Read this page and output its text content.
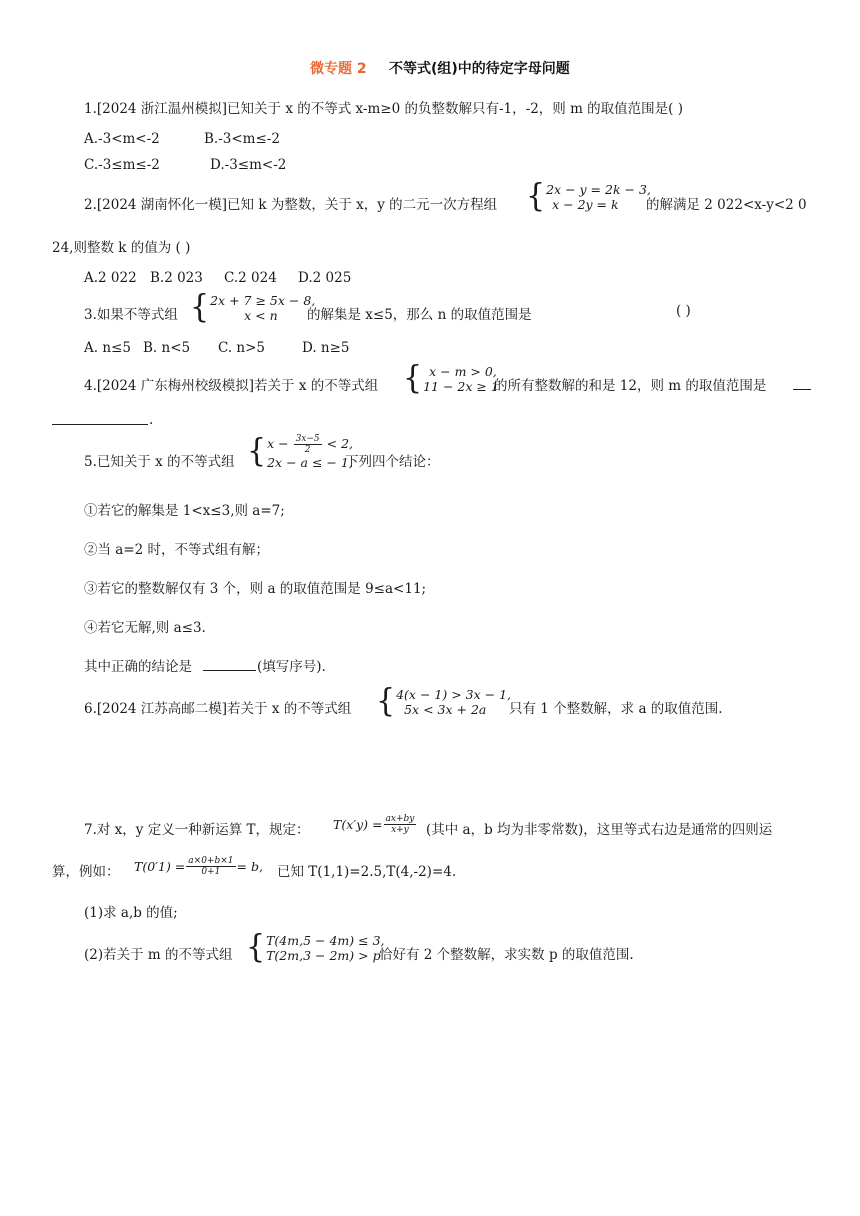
微专题 2 不等式(组)中的待定字母问题
1.[2024 浙江温州模拟]已知关于 x 的不等式 x-m≥0 的负整数解只有-1，-2，则 m 的取值范围是( )
A.-3<m<-2	B.-3<m≤-2
C.-3≤m≤-2	D.-3≤m<-2
2.[2024 湖南怀化一模]已知 k 为整数，关于 x，y 的二元一次方程组 { 2x − y = 2k − 3,
x − 2y = k	的解满足 2 022<x-y<2 0
24,则整数 k 的值为 ( )
A.2 022 B.2 023 C.2 024 D.2 025
3.如果不等式组 { 2x + 7 ≥ 5x − 8,
x < n	的解集是 x≤5，那么 n 的取值范围是	( )
A. n≤5 B. n<5 C. n>5	D. n≥5
4.[2024 广东梅州校级模拟]若关于 x 的不等式组 { x − m > 0,
11 − 2x ≥ 1
的所有整数解的和是 12，则 m 的取值范围是
.
5.已知关于 x 的不等式组 { $x - \frac{3x-5}{2} < 2$,
2x − a ≤ − 1,
下列四个结论：
①若它的解集是 1<x≤3,则 a=7;
②当 a=2 时，不等式组有解；
③若它的整数解仅有 3 个，则 a 的取值范围是 9≤a<11;
④若它无解,则 a≤3.
其中正确的结论是	(填写序号).
6.[2024 江苏高邮二模]若关于 x 的不等式组 { 4(x − 1) > 3x − 1,
5x < 3x + 2a	只有 1 个整数解，求 a 的取值范围.
7.对 x，y 定义一种新运算 T，规定： $T(x'y) = \frac{ax+by}{x+y}$ (其中 a，b 均为非零常数)，这里等式右边是通常的四则运
算，例如： $T(0'1) = \frac{a\times 0+b\times 1}{0+1} = b$, 已知 T(1,1)=2.5,T(4,-2)=4.
(1)求 a,b 的值;
(2)若关于 m 的不等式组 { T(4m,5 − 4m) ≤ 3,
T(2m,3 − 2m) > p
恰好有 2 个整数解，求实数 p 的取值范围.
